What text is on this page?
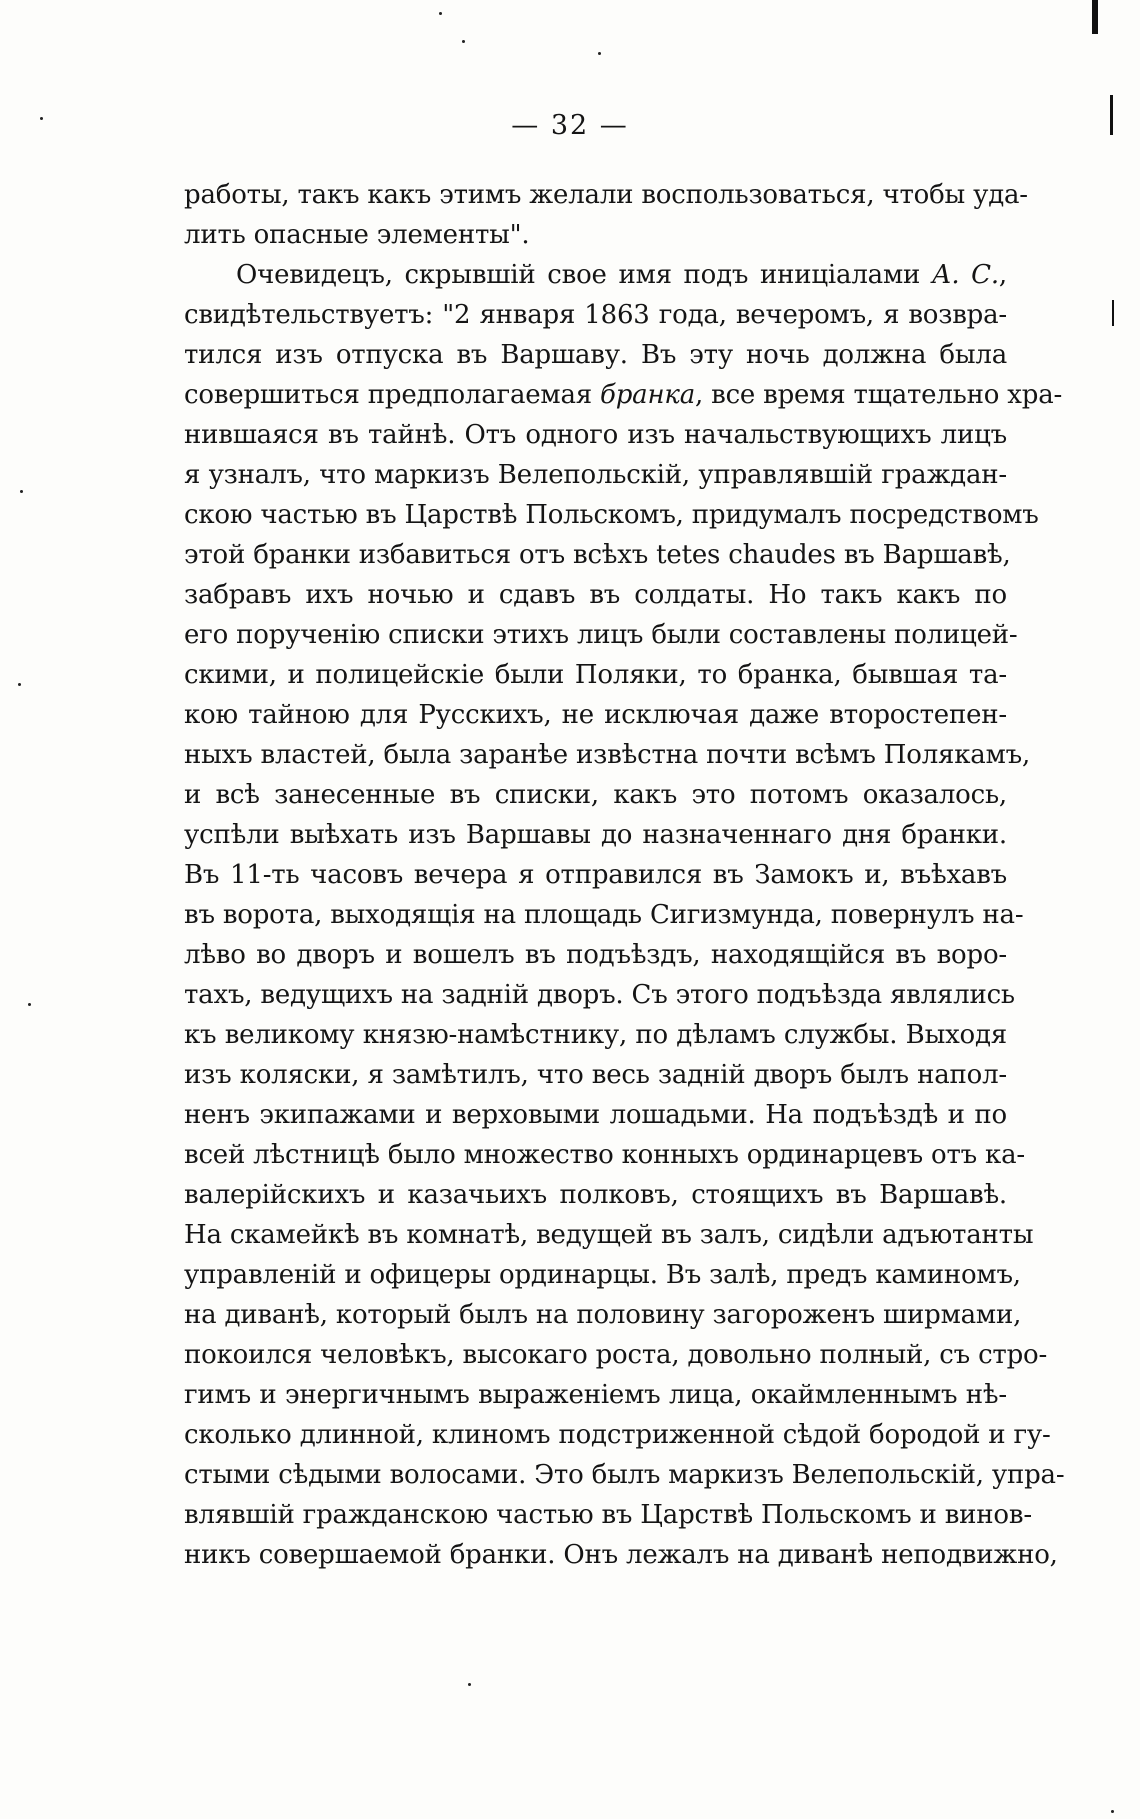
— 32 —
работы, такъ какъ этимъ желали воспользоваться, чтобы уда-
лить опасные элементы".
Очевидецъ, скрывшій свое имя подъ иниціалами А. С.,
свидѣтельствуетъ: "2 января 1863 года, вечеромъ, я возвра-
тился изъ отпуска въ Варшаву. Въ эту ночь должна была
совершиться предполагаемая бранка, все время тщательно хра-
нившаяся въ тайнѣ. Отъ одного изъ начальствующихъ лицъ
я узналъ, что маркизъ Велепольскій, управлявшій граждан-
скою частью въ Царствѣ Польскомъ, придумалъ посредствомъ
этой бранки избавиться отъ всѣхъ tetes chaudes въ Варшавѣ,
забравъ ихъ ночью и сдавъ въ солдаты. Но такъ какъ по
его порученію списки этихъ лицъ были составлены полицей-
скими, и полицейскіе были Поляки, то бранка, бывшая та-
кою тайною для Русскихъ, не исключая даже второстепен-
ныхъ властей, была заранѣе извѣстна почти всѣмъ Полякамъ,
и всѣ занесенные въ списки, какъ это потомъ оказалось,
успѣли выѣхать изъ Варшавы до назначеннаго дня бранки.
Въ 11-ть часовъ вечера я отправился въ Замокъ и, въѣхавъ
въ ворота, выходящія на площадь Сигизмунда, повернулъ на-
лѣво во дворъ и вошелъ въ подъѣздъ, находящійся въ воро-
тахъ, ведущихъ на задній дворъ. Съ этого подъѣзда являлись
къ великому князю-намѣстнику, по дѣламъ службы. Выходя
изъ коляски, я замѣтилъ, что весь задній дворъ былъ напол-
ненъ экипажами и верховыми лошадьми. На подъѣздѣ и по
всей лѣстницѣ было множество конныхъ ординарцевъ отъ ка-
валерійскихъ и казачьихъ полковъ, стоящихъ въ Варшавѣ.
На скамейкѣ въ комнатѣ, ведущей въ залъ, сидѣли адъютанты
управленій и офицеры ординарцы. Въ залѣ, предъ каминомъ,
на диванѣ, который былъ на половину загороженъ ширмами,
покоился человѣкъ, высокаго роста, довольно полный, съ стро-
гимъ и энергичнымъ выраженіемъ лица, окаймленнымъ нѣ-
сколько длинной, клиномъ подстриженной сѣдой бородой и гу-
стыми сѣдыми волосами. Это былъ маркизъ Велепольскій, упра-
влявшій гражданскою частью въ Царствѣ Польскомъ и винов-
никъ совершаемой бранки. Онъ лежалъ на диванѣ неподвижно,
